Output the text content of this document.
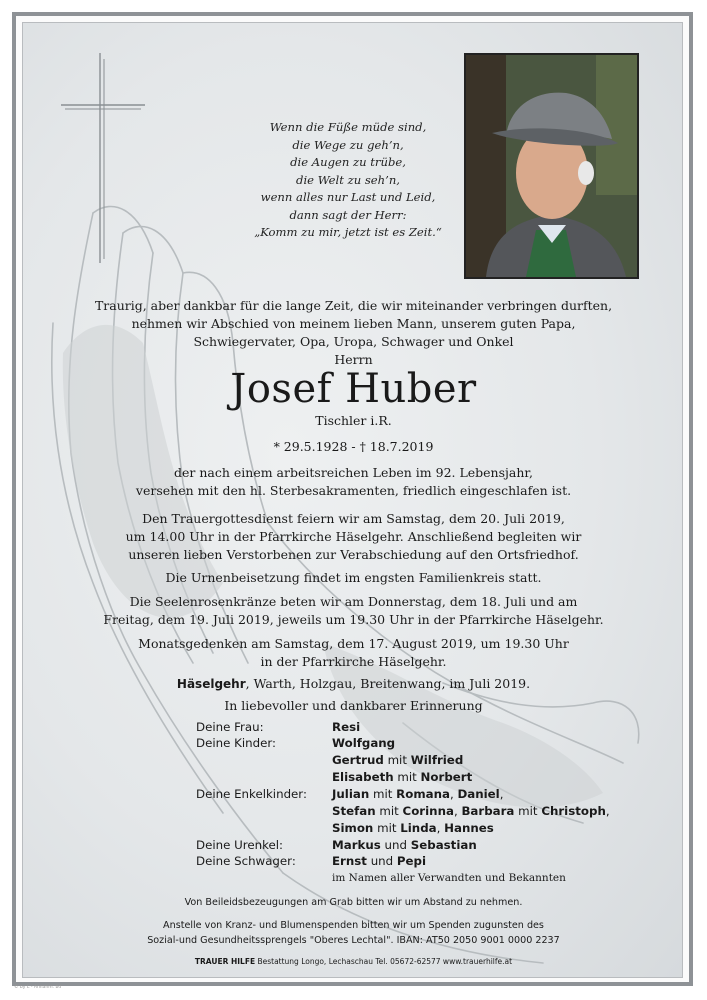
Wenn die Füße müde sind,
die Wege zu geh’n,
die Augen zu trübe,
die Welt zu seh’n,
wenn alles nur Last und Leid,
dann sagt der Herr:
„Komm zu mir, jetzt ist es Zeit.“
Traurig, aber dankbar für die lange Zeit, die wir miteinander verbringen durften,
nehmen wir Abschied von meinem lieben Mann, unserem guten Papa,
Schwiegervater, Opa, Uropa, Schwager und Onkel
Herrn
Josef Huber
Tischler i.R.
* 29.5.1928 - † 18.7.2019
der nach einem arbeitsreichen Leben im 92. Lebensjahr,
versehen mit den hl. Sterbesakramenten, friedlich eingeschlafen ist.
Den Trauergottesdienst feiern wir am Samstag, dem 20. Juli 2019,
um 14.00 Uhr in der Pfarrkirche Häselgehr. Anschließend begleiten wir
unseren lieben Verstorbenen zur Verabschiedung auf den Ortsfriedhof.
Die Urnenbeisetzung findet im engsten Familienkreis statt.
Die Seelenrosenkränze beten wir am Donnerstag, dem 18. Juli und am
Freitag, dem 19. Juli 2019, jeweils um 19.30 Uhr in der Pfarrkirche Häselgehr.
Monatsgedenken am Samstag, dem 17. August 2019, um 19.30 Uhr
in der Pfarrkirche Häselgehr.
Häselgehr, Warth, Holzgau, Breitenwang, im Juli 2019.
In liebevoller und dankbarer Erinnerung
Deine Frau:	Resi
Deine Kinder:	Wolfgang
Gertrud mit Wilfried
Elisabeth mit Norbert
Deine Enkelkinder: Julian mit Romana, Daniel,
Stefan mit Corinna, Barbara mit Christoph,
Simon mit Linda, Hannes
Deine Urenkel:	Markus und Sebastian
Deine Schwager:	Ernst und Pepi
im Namen aller Verwandten und Bekannten
Von Beileidsbezeugungen am Grab bitten wir um Abstand zu nehmen.
Anstelle von Kranz- und Blumenspenden bitten wir um Spenden zugunsten des
Sozial-und Gesundheitssprengels "Oberes Lechtal". IBAN: AT50 2050 9001 0000 2237
TRAUER HILFE Bestattung Longo, Lechaschau Tel. 05672-62577 www.trauerhilfe.at
© by L - Annahm. bd
